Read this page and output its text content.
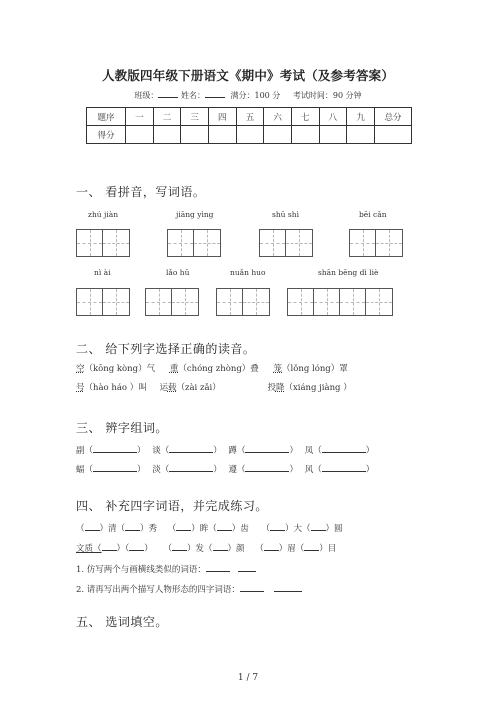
人教版四年级下册语文《期中》考试（及参考答案）
班级：	姓名：	满分：100 分 考试时间：90 分钟
题序	一	二	三	四	五	六	七	八	九	总分
得分										
一、 看拼音，写词语。
zhú jiàn	jiāng yìng	shū shì	bēi cǎn
nì ài	lǎo hǔ	nuǎn huo	shān bēng dì liè
二、 给下列字选择正确的读音。
空（kōng kòng）气 重（chóng zhòng）叠 笼（lǒng lóng）罩
号（hào háo ）叫 运载（zài zǎi）	投降（xiáng jiàng ）
三、 辨字组词。
副（	） 谈（	） 蹲（	） 凤（	）
蝠（	） 淡（	） 遵（	） 风（	）
四、 补充四字词语，并完成练习。
（ ）清（ ）秀 （ ）眸（ ）齿 （ ）大（ ）圆
文质（ ）（ ） （ ）发（ ）颜 （ ）眉（ ）目
1. 仿写两个与画横线类似的词语：
2. 请再写出两个描写人物形态的四字词语：
五、 选词填空。
1 / 7
